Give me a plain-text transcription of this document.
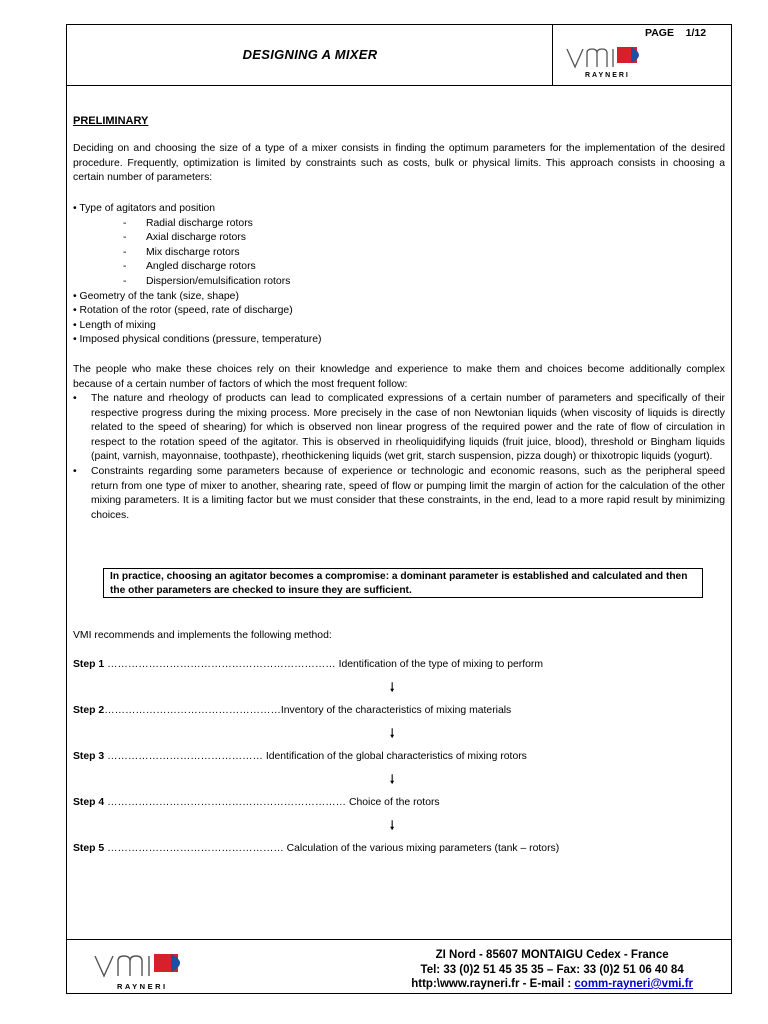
DESIGNING A MIXER
PAGE 1/12
RAYNERI
PRELIMINARY
Deciding on and choosing the size of a type of a mixer consists in finding the optimum parameters for the implementation of the desired procedure. Frequently, optimization is limited by constraints such as costs, bulk or physical limits. This approach consists in choosing a certain number of parameters:
• Type of agitators and position
- Radial discharge rotors
- Axial discharge rotors
- Mix discharge rotors
- Angled discharge rotors
- Dispersion/emulsification rotors
• Geometry of the tank (size, shape)
• Rotation of the rotor (speed, rate of discharge)
• Length of mixing
• Imposed physical conditions (pressure, temperature)
The people who make these choices rely on their knowledge and experience to make them and choices become additionally complex because of a certain number of factors of which the most frequent follow:
• The nature and rheology of products can lead to complicated expressions of a certain number of parameters and specifically of their respective progress during the mixing process. More precisely in the case of non Newtonian liquids (when viscosity of liquids is directly related to the speed of shearing) for which is observed non linear progress of the required power and the rate of flow of circulation in respect to the rotation speed of the agitator. This is observed in rheoliquidifying liquids (fruit juice, blood), threshold or Bingham liquids (paint, varnish, mayonnaise, toothpaste), rheothickening liquids (wet grit, starch suspension, pizza dough) or thixotropic liquids (yogurt).
• Constraints regarding some parameters because of experience or technologic and economic reasons, such as the peripheral speed return from one type of mixer to another, shearing rate, speed of flow or pumping limit the margin of action for the calculation of the other mixing parameters. It is a limiting factor but we must consider that these constraints, in the end, lead to a more rapid result by minimizing choices.
In practice, choosing an agitator becomes a compromise: a dominant parameter is established and calculated and then the other parameters are checked to insure they are sufficient.
VMI recommends and implements the following method:
Step 1 ………………………………………………………… Identification of the type of mixing to perform
🠓
Step 2……………………………………………Inventory of the characteristics of mixing materials
🠓
Step 3 ……………………………………… Identification of the global characteristics of mixing rotors
🠓
Step 4 …………………………………………………………… Choice of the rotors
🠓
Step 5 …………………………………………… Calculation of the various mixing parameters (tank – rotors)
RAYNERI
ZI Nord - 85607 MONTAIGU Cedex - France
Tel: 33 (0)2 51 45 35 35 – Fax: 33 (0)2 51 06 40 84
http:\www.rayneri.fr - E-mail : comm-rayneri@vmi.fr
